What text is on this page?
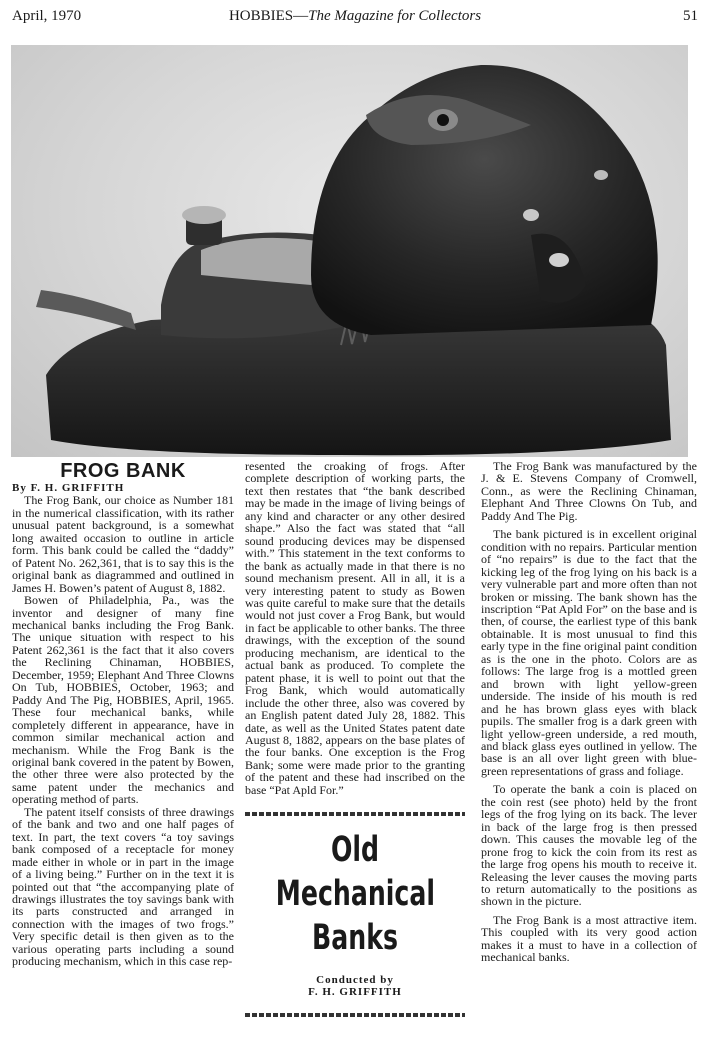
April, 1970	HOBBIES—The Magazine for Collectors	51
FROG BANK

By F. H. GRIFFITH

The Frog Bank, our choice as Number 181 in the numerical classification, with its rather unusual patent background, is a somewhat long awaited occasion to outline in article form. This bank could be called the “daddy” of Patent No. 262,361, that is to say this is the original bank as diagrammed and outlined in James H. Bowen’s patent of August 8, 1882.

Bowen of Philadelphia, Pa., was the inventor and designer of many fine mechanical banks including the Frog Bank. The unique situation with respect to his Patent 262,361 is the fact that it also covers the Reclining Chinaman, HOBBIES, December, 1959; Elephant And Three Clowns On Tub, HOBBIES, October, 1963; and Paddy And The Pig, HOBBIES, April, 1965. These four mechanical banks, while completely different in appearance, have in common similar mechanical action and mechanism. While the Frog Bank is the original bank covered in the patent by Bowen, the other three were also protected by the same patent under the mechanics and operating method of parts.

The patent itself consists of three drawings of the bank and two and one half pages of text. In part, the text covers “a toy savings bank composed of a receptacle for money made either in whole or in part in the image of a living being.” Further on in the text it is pointed out that “the accompanying plate of drawings illustrates the toy savings bank with its parts constructed and arranged in connection with the images of two frogs.” Very specific detail is then given as to the various operating parts including a sound producing mechanism, which in this case rep-

resented the croaking of frogs. After complete description of working parts, the text then restates that “the bank described may be made in the image of living beings of any kind and character or any other desired shape.” Also the fact was stated that “all sound producing devices may be dispensed with.” This statement in the text conforms to the bank as actually made in that there is no sound mechanism present. All in all, it is a very interesting patent to study as Bowen was quite careful to make sure that the details would not just cover a Frog Bank, but would in fact be applicable to other banks. The three drawings, with the exception of the sound producing mechanism, are identical to the actual bank as produced. To complete the patent phase, it is well to point out that the Frog Bank, which would automatically include the other three, also was covered by an English patent dated July 28, 1882. This date, as well as the United States patent date August 8, 1882, appears on the base plates of the four banks. One exception is the Frog Bank; some were made prior to the granting of the patent and these had inscribed on the base “Pat Apld For.”

Old
Mechanical
Banks
Conducted by
F. H. GRIFFITH

The Frog Bank was manufactured by the J. & E. Stevens Company of Cromwell, Conn., as were the Reclining Chinaman, Elephant And Three Clowns On Tub, and Paddy And The Pig.

The bank pictured is in excellent original condition with no repairs. Particular mention of “no repairs” is due to the fact that the kicking leg of the frog lying on his back is a very vulnerable part and more often than not broken or missing. The bank shown has the inscription “Pat Apld For” on the base and is then, of course, the earliest type of this bank obtainable. It is most unusual to find this early type in the fine original paint condition as is the one in the photo. Colors are as follows: The large frog is a mottled green and brown with light yellow-green underside. The inside of his mouth is red and he has brown glass eyes with black pupils. The smaller frog is a dark green with light yellow-green underside, a red mouth, and black glass eyes outlined in yellow. The base is an all over light green with blue-green representations of grass and foliage.

To operate the bank a coin is placed on the coin rest (see photo) held by the front legs of the frog lying on its back. The lever in back of the large frog is then pressed down. This causes the movable leg of the prone frog to kick the coin from its rest as the large frog opens his mouth to receive it. Releasing the lever causes the moving parts to return automatically to the positions as shown in the picture.

The Frog Bank is a most attractive item. This coupled with its very good action makes it a must to have in a collection of mechanical banks.
